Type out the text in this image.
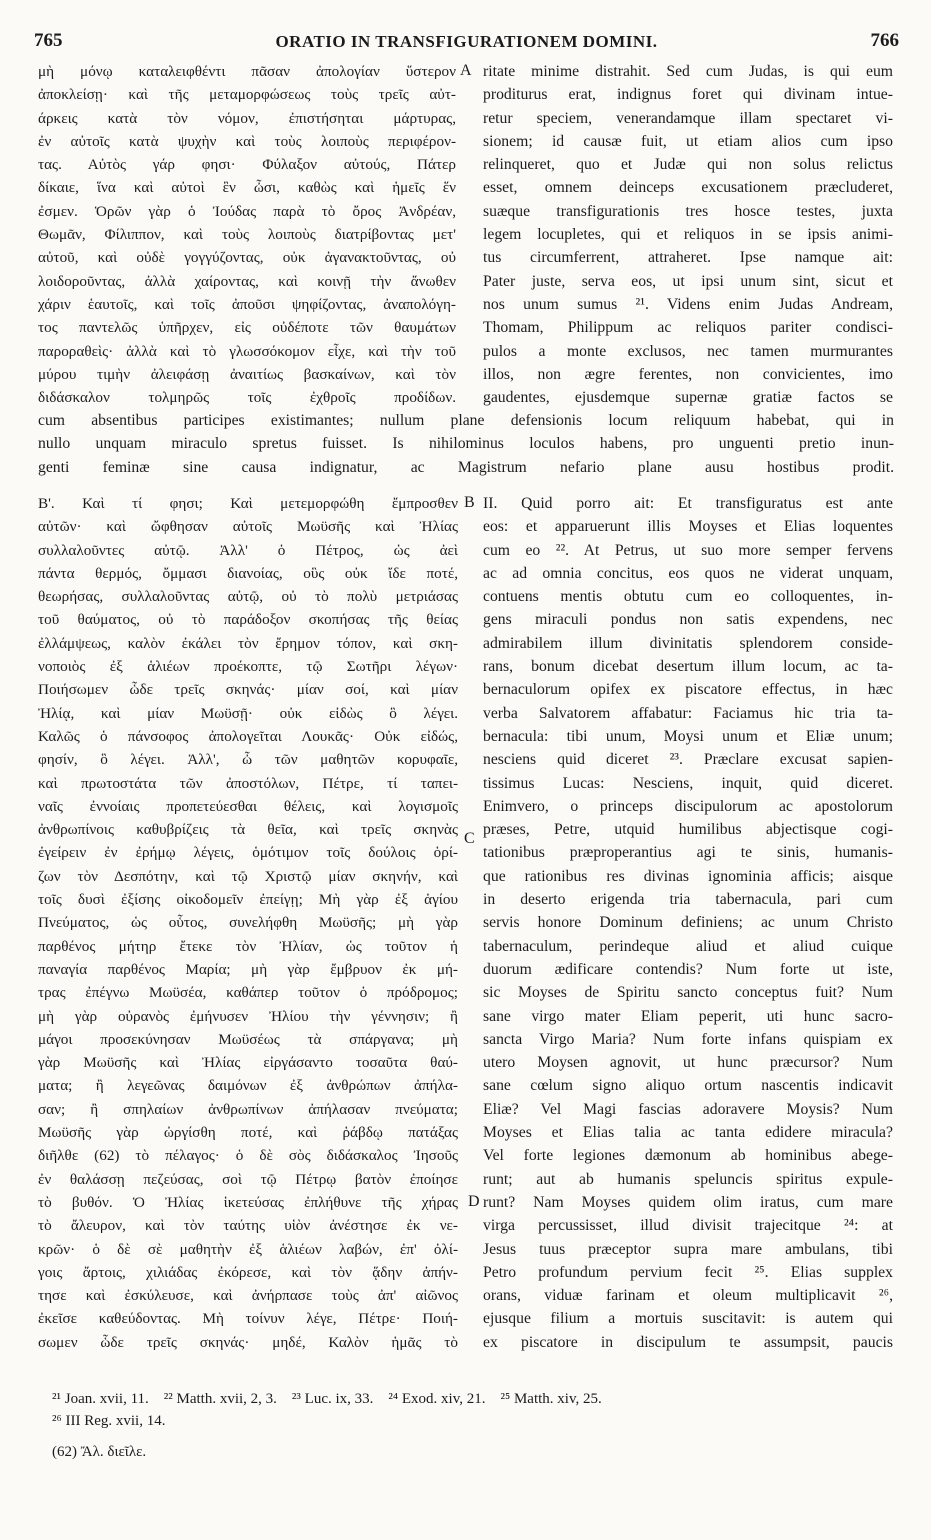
765	ORATIO IN TRANSFIGURATIONEM DOMINI.	766
μὴ μόνῳ καταλειφθέντι πᾶσαν ἀπολογίαν ὕστερον
ἀποκλείσῃ· καὶ τῆς μεταμορφώσεως τοὺς τρεῖς αὐτ-
άρκεις κατὰ τὸν νόμον, ἐπιστήσηται μάρτυρας,
ἐν αὐτοῖς κατὰ ψυχὴν καὶ τοὺς λοιποὺς περιφέρον-
τας. Αὐτὸς γάρ φησι· Φύλαξον αὐτούς, Πάτερ
δίκαιε, ἵνα καὶ αὐτοὶ ἓν ὦσι, καθὼς καὶ ἡμεῖς ἕν
ἐσμεν. Ὁρῶν γὰρ ὁ Ἰούδας παρὰ τὸ ὄρος Ἀνδρέαν,
Θωμᾶν, Φίλιππον, καὶ τοὺς λοιποὺς διατρίβοντας μετ'
αὐτοῦ, καὶ οὐδὲ γογγύζοντας, οὐκ ἀγανακτοῦντας, οὐ
λοιδοροῦντας, ἀλλὰ χαίροντας, καὶ κοινῇ τὴν ἄνωθεν
χάριν ἑαυτοῖς, καὶ τοῖς ἀποῦσι ψηφίζοντας, ἀναπολόγη-
τος παντελῶς ὑπῆρχεν, εἰς οὐδέποτε τῶν θαυμάτων
παροραθεὶς· ἀλλὰ καὶ τὸ γλωσσόκομον εἶχε, καὶ τὴν τοῦ
μύρου τιμὴν ἀλειφάσῃ ἀναιτίως βασκαίνων, καὶ τὸν
διδάσκαλον τολμηρῶς τοῖς ἐχθροῖς προδίδων.
ritate minime distrahit. Sed cum Judas, is qui eum
proditurus erat, indignus foret qui divinam intue-
retur speciem, venerandamque illam spectaret vi-
sionem; id causæ fuit, ut etiam alios cum ipso
relinqueret, quo et Judæ qui non solus relictus
esset, omnem deinceps excusationem præcluderet,
suæque transfigurationis tres hosce testes, juxta
legem locupletes, qui et reliquos in se ipsis animi-
tus circumferrent, attraheret. Ipse namque ait:
Pater juste, serva eos, ut ipsi unum sint, sicut et
nos unum sumus ²¹. Videns enim Judas Andream,
Thomam, Philippum ac reliquos pariter condisci-
pulos a monte exclusos, nec tamen murmurantes
illos, non ægre ferentes, non convicientes, imo
gaudentes, ejusdemque supernæ gratiæ factos se
cum absentibus participes existimantes; nullum plane defensionis locum reliquum habebat, qui in
nullo unquam miraculo spretus fuisset. Is nihilominus loculos habens, pro unguenti pretio inun-
genti feminæ sine causa indignatur, ac Magistrum nefario plane ausu hostibus prodit.
A
Β'. Καὶ τί φησι; Καὶ μετεμορφώθη ἔμπροσθεν
αὐτῶν· καὶ ὤφθησαν αὐτοῖς Μωϋσῆς καὶ Ἠλίας
συλλαλοῦντες αὐτῷ. Ἀλλ' ὁ Πέτρος, ὡς ἀεὶ
πάντα θερμός, ὄμμασι διανοίας, οὓς οὐκ ἴδε ποτέ,
θεωρήσας, συλλαλοῦντας αὐτῷ, οὐ τὸ πολὺ μετριάσας
τοῦ θαύματος, οὐ τὸ παράδοξον σκοπήσας τῆς θείας
ἐλλάμψεως, καλὸν ἐκάλει τὸν ἔρημον τόπον, καὶ σκη-
νοποιὸς ἐξ ἁλιέων προέκοπτε, τῷ Σωτῆρι λέγων·
Ποιήσωμεν ὧδε τρεῖς σκηνάς· μίαν σοί, καὶ μίαν
Ἠλίᾳ, καὶ μίαν Μωϋσῇ· οὐκ εἰδὼς ὃ λέγει.
Καλῶς ὁ πάνσοφος ἀπολογεῖται Λουκᾶς· Οὐκ εἰδώς,
φησίν, ὃ λέγει. Ἀλλ', ὦ τῶν μαθητῶν κορυφαῖε,
καὶ πρωτοστάτα τῶν ἀποστόλων, Πέτρε, τί ταπει-
ναῖς ἐννοίαις προπετεύεσθαι θέλεις, καὶ λογισμοῖς
ἀνθρωπίνοις καθυβρίζεις τὰ θεῖα, καὶ τρεῖς σκηνὰς
ἐγείρειν ἐν ἐρήμῳ λέγεις, ὁμότιμον τοῖς δούλοις ὁρί-
ζων τὸν Δεσπότην, καὶ τῷ Χριστῷ μίαν σκηνήν, καὶ
τοῖς δυσὶ ἐξίσης οἰκοδομεῖν ἐπείγῃ; Μὴ γὰρ ἐξ ἁγίου
Πνεύματος, ὡς οὗτος, συνελήφθη Μωϋσῆς; μὴ γὰρ
παρθένος μήτηρ ἔτεκε τὸν Ἠλίαν, ὡς τοῦτον ἡ
παναγία παρθένος Μαρία; μὴ γὰρ ἔμβρυον ἐκ μή-
τρας ἐπέγνω Μωϋσέα, καθάπερ τοῦτον ὁ πρόδρομος;
μὴ γὰρ οὐρανὸς ἐμήνυσεν Ἠλίου τὴν γέννησιν; ἢ
μάγοι προσεκύνησαν Μωϋσέως τὰ σπάργανα; μὴ
γὰρ Μωϋσῆς καὶ Ἠλίας εἰργάσαντο τοσαῦτα θαύ-
ματα; ἢ λεγεῶνας δαιμόνων ἐξ ἀνθρώπων ἀπήλα-
σαν; ἢ σπηλαίων ἀνθρωπίνων ἀπήλασαν πνεύματα;
Μωϋσῆς γὰρ ὠργίσθη ποτέ, καὶ ῥάβδῳ πατάξας
διῆλθε (62) τὸ πέλαγος· ὁ δὲ σὸς διδάσκαλος Ἰησοῦς
ἐν θαλάσσῃ πεζεύσας, σοὶ τῷ Πέτρῳ βατὸν ἐποίησε
τὸ βυθόν. Ὁ Ἠλίας ἱκετεύσας ἐπλήθυνε τῆς χήρας
τὸ ἄλευρον, καὶ τὸν ταύτης υἱὸν ἀνέστησε ἐκ νε-
κρῶν· ὁ δὲ σὲ μαθητὴν ἐξ ἁλιέων λαβών, ἐπ' ὀλί-
γοις ἄρτοις, χιλιάδας ἐκόρεσε, καὶ τὸν ᾅδην ἀπήν-
τησε καὶ ἐσκύλευσε, καὶ ἀνήρπασε τοὺς ἀπ' αἰῶνος
ἐκεῖσε καθεύδοντας. Μὴ τοίνυν λέγε, Πέτρε· Ποιή-
σωμεν ὧδε τρεῖς σκηνάς· μηδέ, Καλὸν ἡμᾶς τὸ
II. Quid porro ait: Et transfiguratus est ante
eos: et apparuerunt illis Moyses et Elias loquentes
cum eo ²². At Petrus, ut suo more semper fervens
ac ad omnia concitus, eos quos ne viderat unquam,
contuens mentis obtutu cum eo colloquentes, in-
gens miraculi pondus non satis expendens, nec
admirabilem illum divinitatis splendorem conside-
rans, bonum dicebat desertum illum locum, ac ta-
bernaculorum opifex ex piscatore effectus, in hæc
verba Salvatorem affabatur: Faciamus hic tria ta-
bernacula: tibi unum, Moysi unum et Eliæ unum;
nesciens quid diceret ²³. Præclare excusat sapien-
tissimus Lucas: Nesciens, inquit, quid diceret.
Enimvero, o princeps discipulorum ac apostolorum
præses, Petre, utquid humilibus abjectisque cogi-
tationibus præproperantius agi te sinis, humanis-
que rationibus res divinas ignominia afficis; aisque
in deserto erigenda tria tabernacula, pari cum
servis honore Dominum definiens; ac unum Christo
tabernaculum, perindeque aliud et aliud cuique
duorum ædificare contendis? Num forte ut iste,
sic Moyses de Spiritu sancto conceptus fuit? Num
sane virgo mater Eliam peperit, uti hunc sacro-
sancta Virgo Maria? Num forte infans quispiam ex
utero Moysen agnovit, ut hunc præcursor? Num
sane cœlum signo aliquo ortum nascentis indicavit
Eliæ? Vel Magi fascias adoravere Moysis? Num
Moyses et Elias talia ac tanta edidere miracula?
Vel forte legiones dæmonum ab hominibus abege-
runt; aut ab humanis speluncis spiritus expule-
runt? Nam Moyses quidem olim iratus, cum mare
virga percussisset, illud divisit trajecitque ²⁴: at
Jesus tuus præceptor supra mare ambulans, tibi
Petro profundum pervium fecit ²⁵. Elias supplex
orans, viduæ farinam et oleum multiplicavit ²⁶,
ejusque filium a mortuis suscitavit: is autem qui
ex piscatore in discipulum te assumpsit, paucis
B
C
D
²¹ Joan. xvii, 11.    ²² Matth. xvii, 2, 3.    ²³ Luc. ix, 33.    ²⁴ Exod. xiv, 21.    ²⁵ Matth. xiv, 25.
²⁶ III Reg. xvii, 14.
(62) Ἄλ. διεῖλε.
